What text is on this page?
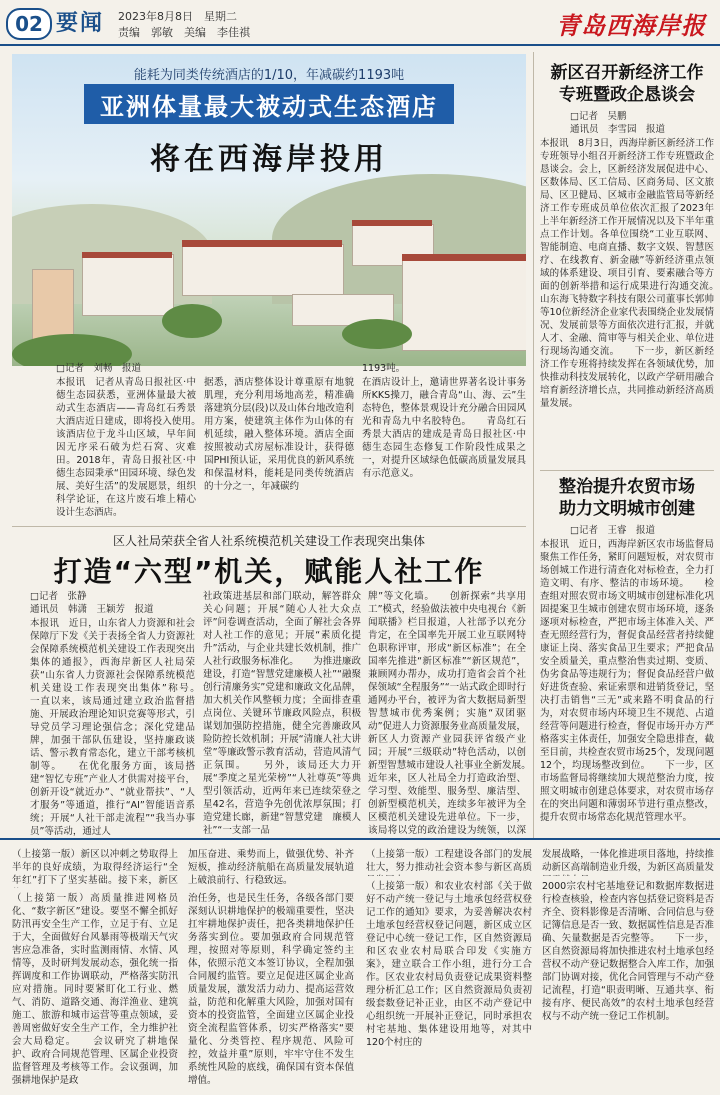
02 要闻 2023年8月8日　星期二
责编　郭敏　美编　李佳祺	青岛西海岸报
能耗为同类传统酒店的1/10，年减碳约1193吨
亚洲体量最大被动式生态酒店
将在西海岸投用
□记者　刘畅　报道
本报讯　记者从青岛日报社区·中德生态园获悉，亚洲体量最大被动式生态酒店——青岛红石秀景大酒店近日建成，即将投入使用。　　该酒店位于龙斗山区域，早年间因无序采石破为烂石窝、灾难田。2018年，青岛日报社区·中德生态园秉承“田园环境、绿色发展、美好生活”的发展愿景，组织科学论证，在这片废石堆上精心设计生态酒店。
据悉，酒店整体设计尊重原有地貌肌理，充分利用场地高差，精准确落建筑分层(段)以及山体台地改造利用方案，使建筑主体作为山体的有机延续，融入整体环境。酒店全面按照被动式房屋标准设计，获得德国PHI预认证，采用优良的新风系统和保温材料，能耗是同类传统酒店的十分之一，年减碳约
1193吨。
在酒店设计上，邀请世界著名设计事务所KKS操刀，融合青岛“山、海、云”生态特色，整体景观设计充分融合田园风光和青岛九中名胶特色。　　青岛红石秀景大酒店的建成是青岛日报社区·中德生态园生态修复工作阶段性成果之一，对提升区域绿色低碳高质量发展具有示范意义。
区人社局荣获全省人社系统模范机关建设工作表现突出集体
打造“六型”机关，赋能人社工作
□记者　张静
通讯员　韩潇　王颖芳　报道
本报讯　近日，山东省人力资源和社会保障厅下发《关于表扬全省人力资源社会保障系统模范机关建设工作表现突出集体的通报》，西海岸新区人社局荣获“山东省人力资源社会保障系统模范机关建设工作表现突出集体”称号。　　一直以来，该局通过建立政治监督措施、开展政治理论知识竞赛等形式，引导党员学习理论强信念；深化党建品牌，加强干部队伍建设，坚持廉政谈话、警示教育常态化，建立干部考核机制等。　　在优化服务方面，该局搭建“智忆专班”产业人才供需对接平台，创新开设“就近办”、“就业帮扶”、“人才服务”等通道，推行“AI”智能语音系统；开展“人社干部走流程”“我当办事员”等活动，通过人
社政策进基层和部门联动，解答群众关心问题；开展“随心人社大众点评”问卷调查活动，全面了解社会各界对人社工作的意见；开展“素质化提升”活动，与企业共建长效机制，推广人社行政服务标准化。　　为推进廉政建设，打造“智慧党建廉模人社”“融聚创行清廉务实”党建和廉政文化品牌，加大机关作风整顿力度；全面排查重点岗位、关键环节廉政风险点，积极谋划加强防控措施，健全完善廉政风险防控长效机制；开展“清廉人社大讲堂”等廉政警示教育活动，营造风清气正氛围。　　另外，该局还大力开展“季度之星光荣榜”“人社尊英”等典型引领活动，近两年来已连续荣登之星42名，营造争先创优浓厚氛围；打造党建长廊，新建“智慧党建　廉模人社”“一支部一品
牌”等文化墙。　　创新探索“共享用工”模式，经验做法被中央电视台《新闻联播》栏目报道，人社部予以充分肯定，在全国率先开展工业互联网特色职称评审，形成“新区标准”；在全国率先推进“新区标准”“新区规范”，兼顾网办帮办，成功打造省会首个社保领域“全程服务”“一站式政企即时行通网办平台，被评为省大数据局新型智慧城市优秀案例；实施“双团驱动”促进人力资源服务业高质量发展，新区人力资源产业园获评省级产业园；开展“三级联动”特色活动，以创新型智慧城市建设人社事业全新发展。　　近年来，区人社局全力打造政治型、学习型、效能型、服务型、廉洁型、创新型模范机关，连续多年被评为全区模范机关建设先进单位。下一步，该局将以党的政治建设为统领，以深
新区召开新经济工作
专班暨政企恳谈会
□记者　吴鹏
通讯员　李雪园　报道
本报讯　8月3日，西海岸新区新经济工作专班领导小组召开新经济工作专班暨政企恳谈会。会上，区新经济发展促进中心、区数体局、区工信局、区商务局、区文旅局、区卫健局、区城市金融监管局等新经济工作专班成员单位依次汇报了2023年上半年新经济工作开展情况以及下半年重点工作计划。各单位围绕“工业互联网、智能制造、电商直播、数字文娱、智慧医疗、在线教育、新金融”等新经济重点领域的体系建设、项目引育、要素融合等方面的创新举措和运行成果进行沟通交流。　　山东海飞特数字科技有限公司董事长郭帅等10位新经济企业家代表围绕企业发展情况、发展前景等方面依次进行汇报，并就人才、金融、简审等与相关企业、单位进行现场沟通交流。　　下一步，新区新经济工作专班将持续发挥在各领域优势，加快推动科技发展转化，以政产学研用融合培育新经济增长点，共同推动新经济高质量发展。
整治提升农贸市场
助力文明城市创建
□记者　王睿　报道
本报讯　近日，西海岸新区农市场监督局聚焦工作任务，紧盯问题短板，对农贸市场创城工作进行清查化对标检查，全力打造文明、有序、整洁的市场环境。　　检查组对照农贸市场文明城市创建标准化巩固提案卫生城市创建农贸市场环境，逐条逐项对标检查，严把市场主体准入关、严查无照经营行为，督促食品经营者持续健康证上岗、落实食品卫生要求；严把食品安全质量关，重点整治售卖过期、变质、伪劣食品等违规行为；督促食品经营户做好进货查验、索证索票和进销货登记，坚决打击销售“三无”或来路不明食品的行为，对农贸市场内环境卫生不规范、占道经营等问题进行检查，督促市场开办方严格落实主体责任，加强安全隐患排查，截至目前，共检查农贸市场25个，发现问题12个，均现场整改到位。　　下一步，区市场监督局将继续加大规范整治力度，按照文明城市创建总体要求，对农贸市场存在的突出问题和薄弱环节进行重点整改，提升农贸市场常态化规范管理水平。
（上接第一版）新区以冲刺之势取得上半年的良好成绩，为取得经济运行“全年红”打下了坚实基础。接下来，新区
（上接第一版）高质量推进网格员化、“数字新区”建设。要坚不懈全抓好防汛再安全生产工作，立足于有、立足于大，全面做好台风暴雨等极端天气灾害应急准备，实时监测雨情、水情、风情等，及时研判发展动态，强化统一指挥调度和工作协调联动，严格落实防汛应对措施。同时要紧盯化工行业、燃气、消防、道路交通、海洋渔业、建筑施工、旅游和城市运营等重点领域，妥善周密做好安全生产工作，全力维护社会大局稳定。　　会议研究了耕地保护、政府合同规范管理、区属企业投资监督管理及考核等工作。会议强调，加强耕地保护是政
加压奋进、乘势而上，做强优势、补齐短板，推动经济航船在高质量发展轨道上破浪前行、行稳致远。
治任务，也是民生任务，各级各部门要深刻认识耕地保护的极端重要性，坚决扛牢耕地保护责任，把各类耕地保护任务落实到位。要加强政府合同规范管理，按照对等原则，科学确定签约主体，依照示范文本签订协议，全程加强合同履约监管。要立足促进区属企业高质量发展，激发活力动力、提高运营效益，防范和化解重大风险，加强对国有资本的投资监管，全面建立区属企业投资全流程监管体系，切实严格落实“要量化、分类管控、程序规范、风险可控，效益并重”原则，牢牢守住不发生系统性风险的底线，确保国有资本保值增值。
（上接第一版）工程建设各部门的发展壮大，努力推动社会资本参与新区高质
（上接第一版）和农业农村部《关于做好不动产统一登记与土地承包经营权登记工作的通知》要求，为妥善解决农村土地承包经营权登记问题，新区成立区登记中心统一登记工作，区自然资源局和区农业农村局联合印发《实施方案》，建立联合工作小组，进行分工合作。区农业农村局负责登记成果资料整理分析汇总工作；区自然资源局负责初级套数登记补正业，由区不动产登记中心组织统一开展补正登记，同时承担农村宅基地、集体建设用地等，对其中120个村庄的
发展战略，一体化推进项目落地，持续推动新区高端制造业升级，为新区高质量发
2000宗农村宅基地登记和数据库数据进行检查核验，检查内容包括登记资料是否齐全、资料影像是否清晰、合同信息与登记簿信息是否一致、数据属性信息是否准确、矢量数据是否完整等。　　下一步，区自然资源局将加快推进农村土地承包经营权不动产登记数据整合入库工作，加强部门协调对接，优化合同管理与不动产登记流程，打造“职责明晰、互通共享、衔接有序、便民高效”的农村土地承包经营权与不动产统一登记工作机制。
